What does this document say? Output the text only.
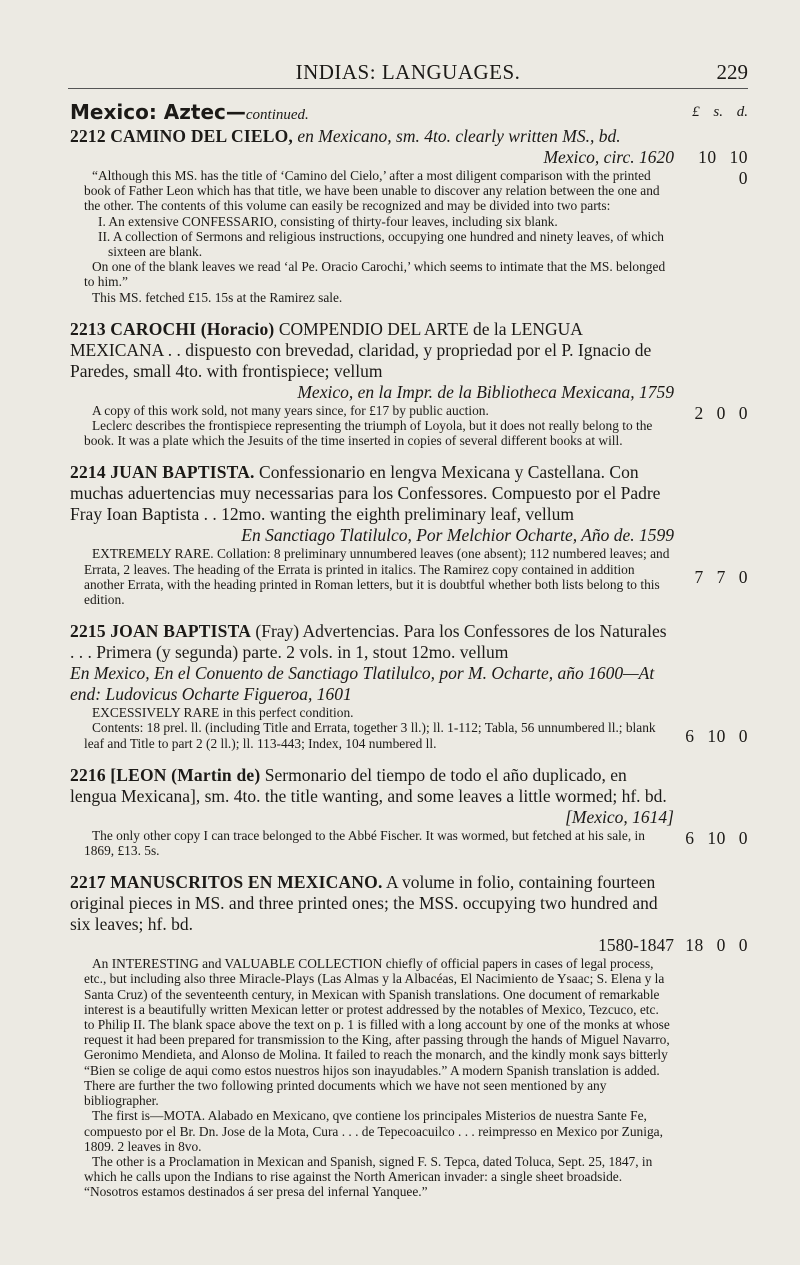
INDIAS: LANGUAGES.	229
Mexico: Aztec—continued.	£ s. d.
2212 CAMINO DEL CIELO, en Mexicano, sm. 4to. clearly written MS., bd.
Mexico, circ. 1620	10 10 0

“Although this MS. has the title of ‘Camino del Cielo,’ after a most diligent comparison with the printed book of Father Leon which has that title, we have been unable to discover any relation between the one and the other. The contents of this volume can easily be recognized and may be divided into two parts:

I. An extensive CONFESSARIO, consisting of thirty-four leaves, including six blank.

II. A collection of Sermons and religious instructions, occupying one hundred and ninety leaves, of which sixteen are blank.

On one of the blank leaves we read ‘al Pe. Oracio Carochi,’ which seems to intimate that the MS. belonged to him.”

This MS. fetched £15. 15s at the Ramirez sale.

2213 CAROCHI (Horacio) COMPENDIO DEL ARTE de la LENGUA MEXICANA . . dispuesto con brevedad, claridad, y propriedad por el P. Ignacio de Paredes, small 4to. with frontispiece; vellum
Mexico, en la Impr. de la Bibliotheca Mexicana, 1759
2 0 0

A copy of this work sold, not many years since, for £17 by public auction.

Leclerc describes the frontispiece representing the triumph of Loyola, but it does not really belong to the book. It was a plate which the Jesuits of the time inserted in copies of several different books at will.

2214 JUAN BAPTISTA. Confessionario en lengva Mexicana y Castellana. Con muchas aduertencias muy necessarias para los Confessores. Compuesto por el Padre Fray Ioan Baptista . . 12mo. wanting the eighth preliminary leaf, vellum
En Sanctiago Tlatilulco, Por Melchior Ocharte, Año de. 1599
7 7 0

EXTREMELY RARE. Collation: 8 preliminary unnumbered leaves (one absent); 112 numbered leaves; and Errata, 2 leaves. The heading of the Errata is printed in italics. The Ramirez copy contained in addition another Errata, with the heading printed in Roman letters, but it is doubtful whether both lists belong to this edition.

2215 JOAN BAPTISTA (Fray) Advertencias. Para los Confessores de los Naturales . . . Primera (y segunda) parte. 2 vols. in 1, stout 12mo. vellum
En Mexico, En el Conuento de Sanctiago Tlatilulco, por M. Ocharte, año 1600—At end: Ludovicus Ocharte Figueroa, 1601
6 10 0

EXCESSIVELY RARE in this perfect condition.

Contents: 18 prel. ll. (including Title and Errata, together 3 ll.); ll. 1-112; Tabla, 56 unnumbered ll.; blank leaf and Title to part 2 (2 ll.); ll. 113-443; Index, 104 numbered ll.

2216 [LEON (Martin de) Sermonario del tiempo de todo el año duplicado, en lengua Mexicana], sm. 4to. the title wanting, and some leaves a little wormed; hf. bd.
[Mexico, 1614]
6 10 0

The only other copy I can trace belonged to the Abbé Fischer. It was wormed, but fetched at his sale, in 1869, £13. 5s.

2217 MANUSCRITOS EN MEXICANO. A volume in folio, containing fourteen original pieces in MS. and three printed ones; the MSS. occupying two hundred and six leaves; hf. bd.
1580-1847 18 0 0

An INTERESTING and VALUABLE COLLECTION chiefly of official papers in cases of legal process, etc., but including also three Miracle-Plays (Las Almas y la Albacéas, El Nacimiento de Ysaac; S. Elena y la Santa Cruz) of the seventeenth century, in Mexican with Spanish translations. One document of remarkable interest is a beautifully written Mexican letter or protest addressed by the notables of Mexico, Tezcuco, etc. to Philip II. The blank space above the text on p. 1 is filled with a long account by one of the monks at whose request it had been prepared for transmission to the King, after passing through the hands of Miguel Navarro, Geronimo Mendieta, and Alonso de Molina. It failed to reach the monarch, and the kindly monk says bitterly “Bien se colige de aqui como estos nuestros hijos son inayudables.” A modern Spanish translation is added. There are further the two following printed documents which we have not seen mentioned by any bibliographer.

The first is—MOTA. Alabado en Mexicano, qve contiene los principales Misterios de nuestra Sante Fe, compuesto por el Br. Dn. Jose de la Mota, Cura . . . de Tepecoacuilco . . . reimpresso en Mexico por Zuniga, 1809. 2 leaves in 8vo.

The other is a Proclamation in Mexican and Spanish, signed F. S. Tepca, dated Toluca, Sept. 25, 1847, in which he calls upon the Indians to rise against the North American invader: a single sheet broadside. “Nosotros estamos destinados á ser presa del infernal Yanquee.”
